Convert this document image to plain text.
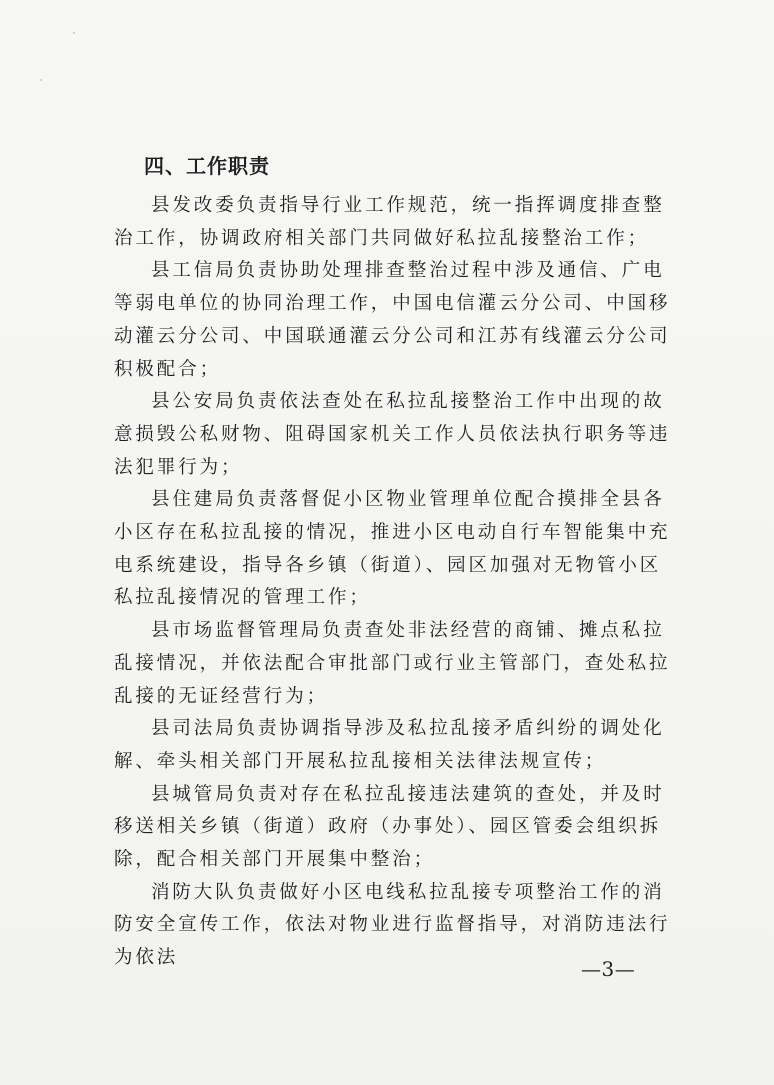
四、工作职责

县发改委负责指导行业工作规范，统一指挥调度排查整治工作，协调政府相关部门共同做好私拉乱接整治工作；

县工信局负责协助处理排查整治过程中涉及通信、广电等弱电单位的协同治理工作，中国电信灌云分公司、中国移动灌云分公司、中国联通灌云分公司和江苏有线灌云分公司积极配合；

县公安局负责依法查处在私拉乱接整治工作中出现的故意损毁公私财物、阻碍国家机关工作人员依法执行职务等违法犯罪行为；

县住建局负责落督促小区物业管理单位配合摸排全县各小区存在私拉乱接的情况，推进小区电动自行车智能集中充电系统建设，指导各乡镇（街道）、园区加强对无物管小区私拉乱接情况的管理工作；

县市场监督管理局负责查处非法经营的商铺、摊点私拉乱接情况，并依法配合审批部门或行业主管部门，查处私拉乱接的无证经营行为；

县司法局负责协调指导涉及私拉乱接矛盾纠纷的调处化解、牵头相关部门开展私拉乱接相关法律法规宣传；

县城管局负责对存在私拉乱接违法建筑的查处，并及时移送相关乡镇（街道）政府（办事处）、园区管委会组织拆除，配合相关部门开展集中整治；

消防大队负责做好小区电线私拉乱接专项整治工作的消防安全宣传工作，依法对物业进行监督指导，对消防违法行为依法	—3—
